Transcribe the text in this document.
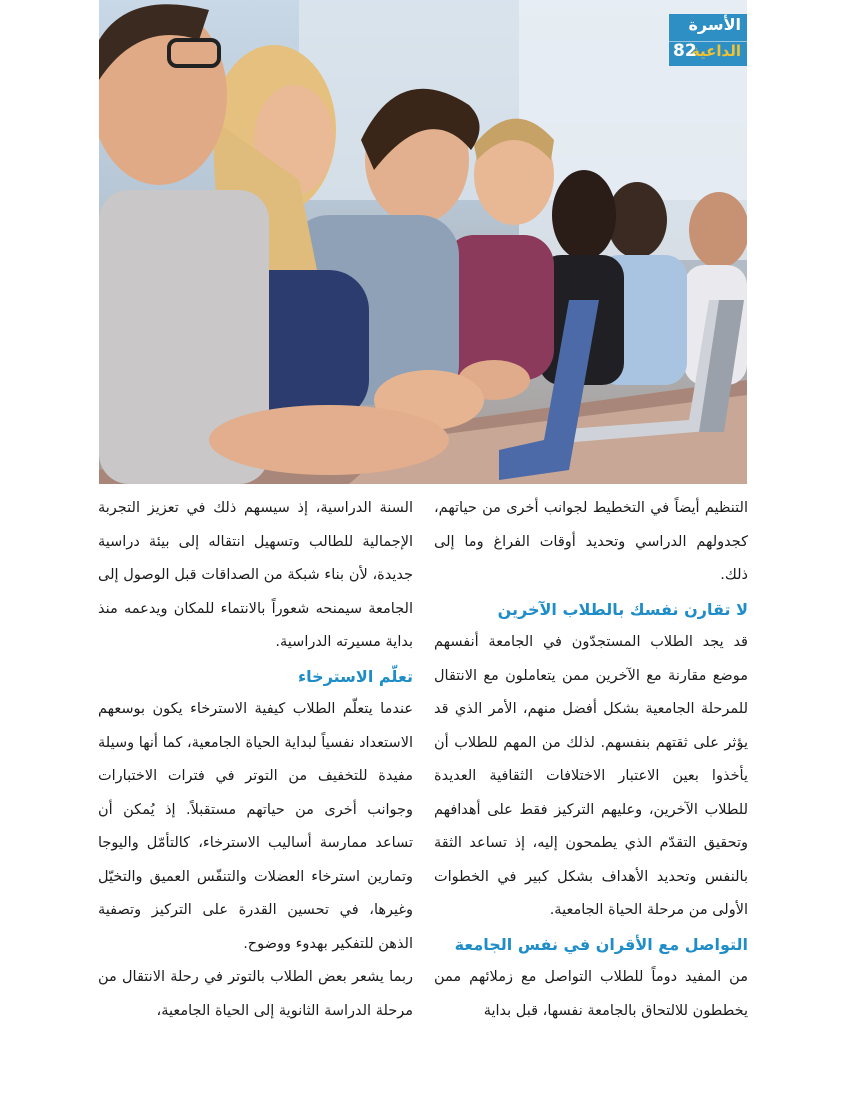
الأسرة
الداعية
82

التنظيم أيضاً في التخطيط لجوانب أخرى من حياتهم، كجدولهم الدراسي وتحديد أوقات الفراغ وما إلى ذلك.

لا تقارن نفسك بالطلاب الآخرين

قد يجد الطلاب المستجدّون في الجامعة أنفسهم موضع مقارنة مع الآخرين ممن يتعاملون مع الانتقال للمرحلة الجامعية بشكل أفضل منهم، الأمر الذي قد يؤثر على ثقتهم بنفسهم. لذلك من المهم للطلاب أن يأخذوا بعين الاعتبار الاختلافات الثقافية العديدة للطلاب الآخرين، وعليهم التركيز فقط على أهدافهم وتحقيق التقدّم الذي يطمحون إليه، إذ تساعد الثقة بالنفس وتحديد الأهداف بشكل كبير في الخطوات الأولى من مرحلة الحياة الجامعية.

التواصل مع الأقران في نفس الجامعة

من المفيد دوماً للطلاب التواصل مع زملائهم ممن يخططون للالتحاق بالجامعة نفسها، قبل بداية

السنة الدراسية، إذ سيسهم ذلك في تعزيز التجربة الإجمالية للطالب وتسهيل انتقاله إلى بيئة دراسية جديدة، لأن بناء شبكة من الصداقات قبل الوصول إلى الجامعة سيمنحه شعوراً بالانتماء للمكان ويدعمه منذ بداية مسيرته الدراسية.

تعلّم الاسترخاء

عندما يتعلّم الطلاب كيفية الاسترخاء يكون بوسعهم الاستعداد نفسياً لبداية الحياة الجامعية، كما أنها وسيلة مفيدة للتخفيف من التوتر في فترات الاختبارات وجوانب أخرى من حياتهم مستقبلاً. إذ يُمكن أن تساعد ممارسة أساليب الاسترخاء، كالتأمّل واليوجا وتمارين استرخاء العضلات والتنفّس العميق والتخيّل وغيرها، في تحسين القدرة على التركيز وتصفية الذهن للتفكير بهدوء ووضوح.

ربما يشعر بعض الطلاب بالتوتر في رحلة الانتقال من مرحلة الدراسة الثانوية إلى الحياة الجامعية،
